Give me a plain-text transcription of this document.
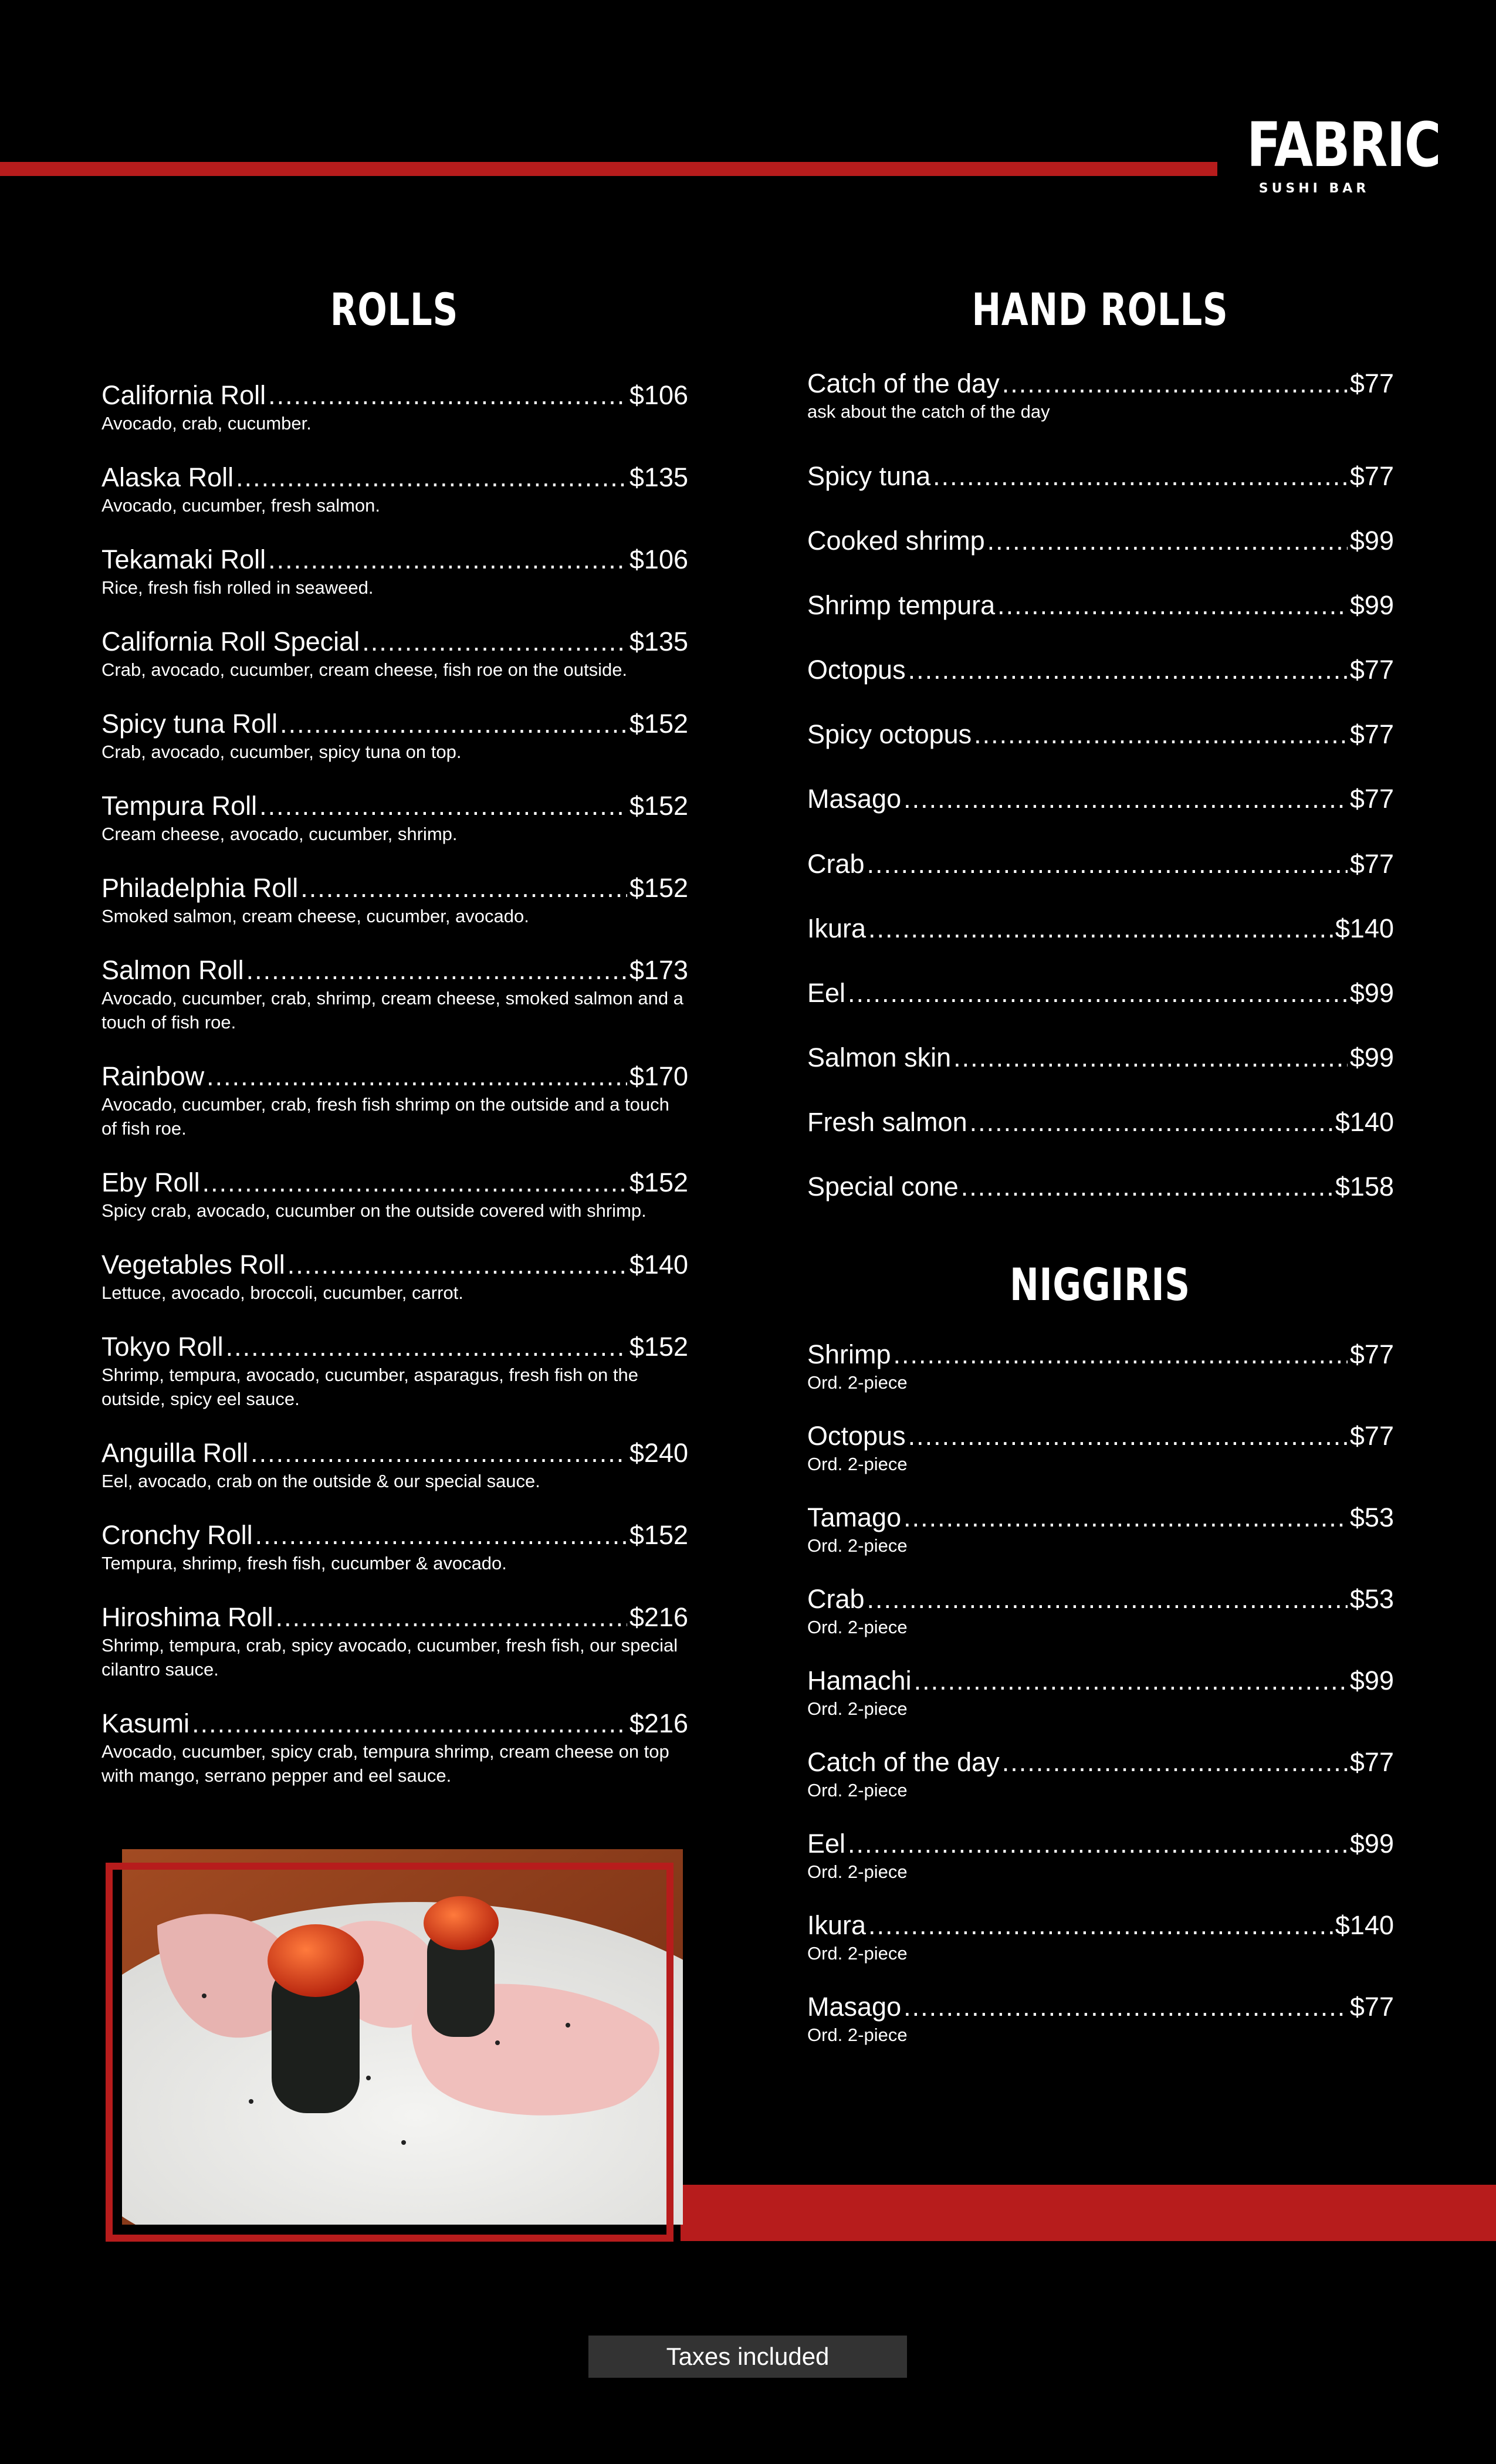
FABRIC
SUSHI BAR
ROLLS
California Roll .....	$106
Avocado, crab, cucumber.
Alaska Roll .....	$135
Avocado, cucumber, fresh salmon.
Tekamaki Roll .....	$106
Rice, fresh fish rolled in seaweed.
California Roll Special .....	$135
Crab, avocado, cucumber, cream cheese, fish roe on the outside.
Spicy tuna Roll .....	$152
Crab, avocado, cucumber, spicy tuna on top.
Tempura Roll .....	$152
Cream cheese, avocado, cucumber, shrimp.
Philadelphia Roll .....	$152
Smoked salmon, cream cheese, cucumber, avocado.
Salmon Roll .....	$173
Avocado, cucumber, crab, shrimp, cream cheese, smoked salmon and a touch of fish roe.
Rainbow .....	$170
Avocado, cucumber, crab, fresh fish shrimp on the outside and a touch of fish roe.
Eby Roll .....	$152
Spicy crab, avocado, cucumber on the outside covered with shrimp.
Vegetables Roll .....	$140
Lettuce, avocado, broccoli, cucumber, carrot.
Tokyo Roll .....	$152
Shrimp, tempura, avocado, cucumber, asparagus, fresh fish on the outside, spicy eel sauce.
Anguilla Roll .....	$240
Eel, avocado, crab on the outside & our special sauce.
Cronchy Roll .....	$152
Tempura, shrimp, fresh fish, cucumber & avocado.
Hiroshima Roll .....	$216
Shrimp, tempura, crab, spicy avocado, cucumber, fresh fish, our special cilantro sauce.
Kasumi .....	$216
Avocado, cucumber, spicy crab, tempura shrimp, cream cheese on top with mango, serrano pepper and eel sauce.
HAND ROLLS
Catch of the day .....	$77
ask about the catch of the day
Spicy tuna .....	$77
Cooked shrimp .....	$99
Shrimp tempura .....	$99
Octopus .....	$77
Spicy octopus .....	$77
Masago .....	$77
Crab .....	$77
Ikura .....	$140
Eel .....	$99
Salmon skin .....	$99
Fresh salmon .....	$140
Special cone .....	$158
NIGGIRIS
Shrimp .....	$77
Ord. 2-piece
Octopus .....	$77
Ord. 2-piece
Tamago .....	$53
Ord. 2-piece
Crab .....	$53
Ord. 2-piece
Hamachi .....	$99
Ord. 2-piece
Catch of the day .....	$77
Ord. 2-piece
Eel .....	$99
Ord. 2-piece
Ikura .....	$140
Ord. 2-piece
Masago .....	$77
Ord. 2-piece
Taxes included
